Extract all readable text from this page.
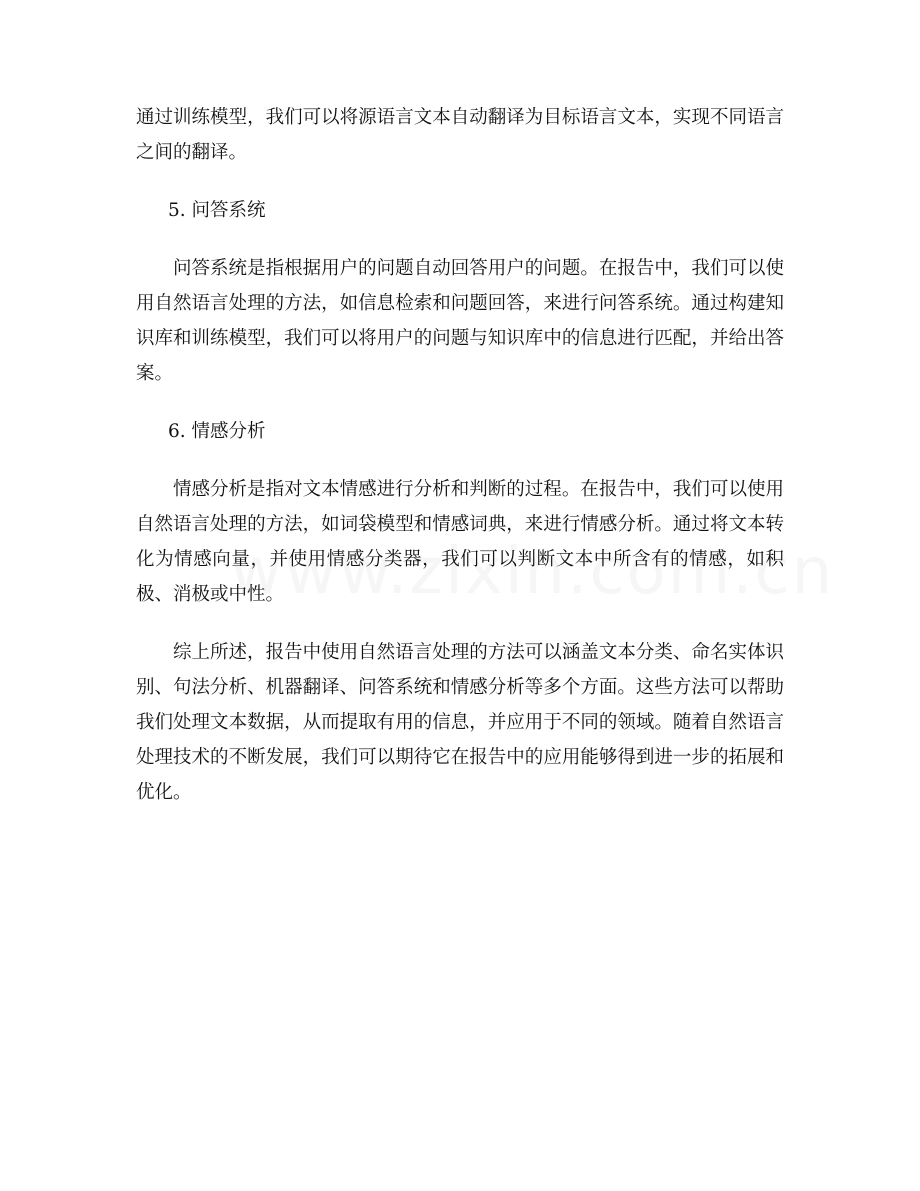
通过训练模型，我们可以将源语言文本自动翻译为目标语言文本，实现不同语言之间的翻译。

5. 问答系统

问答系统是指根据用户的问题自动回答用户的问题。在报告中，我们可以使用自然语言处理的方法，如信息检索和问题回答，来进行问答系统。通过构建知识库和训练模型，我们可以将用户的问题与知识库中的信息进行匹配，并给出答案。

6. 情感分析

情感分析是指对文本情感进行分析和判断的过程。在报告中，我们可以使用自然语言处理的方法，如词袋模型和情感词典，来进行情感分析。通过将文本转化为情感向量，并使用情感分类器，我们可以判断文本中所含有的情感，如积极、消极或中性。

综上所述，报告中使用自然语言处理的方法可以涵盖文本分类、命名实体识别、句法分析、机器翻译、问答系统和情感分析等多个方面。这些方法可以帮助我们处理文本数据，从而提取有用的信息，并应用于不同的领域。随着自然语言处理技术的不断发展，我们可以期待它在报告中的应用能够得到进一步的拓展和优化。
